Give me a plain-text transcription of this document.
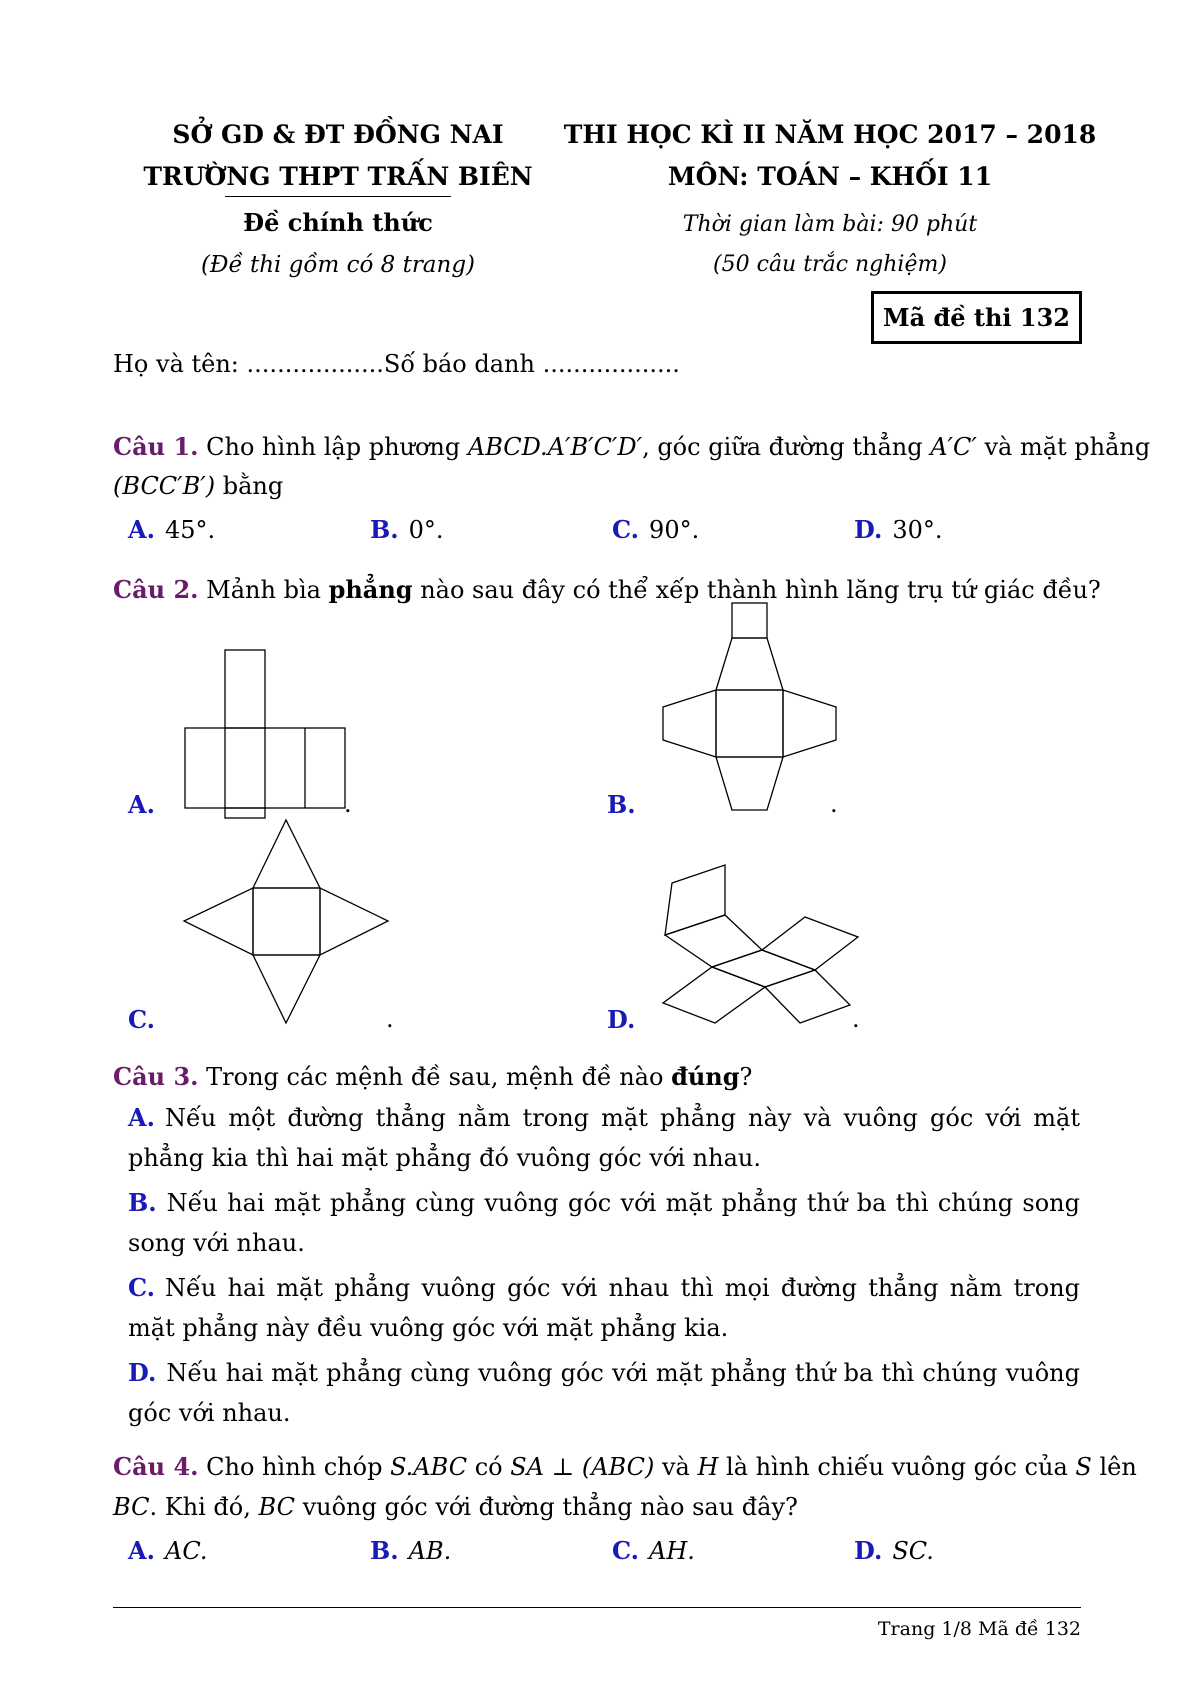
SỞ GD & ĐT ĐỒNG NAI
TRƯỜNG THPT TRẤN BIÊN
Đề chính thức
(Đề thi gồm có 8 trang)
THI HỌC KÌ II NĂM HỌC 2017 – 2018
MÔN: TOÁN – KHỐI 11
Thời gian làm bài: 90 phút
(50 câu trắc nghiệm)
Mã đề thi 132
Họ và tên: ..................Số báo danh ..................
Câu 1. Cho hình lập phương ABCD.A′B′C′D′, góc giữa đường thẳng A′C′ và mặt phẳng
(BCC′B′) bằng
A. 45°.	B. 0°.	C. 90°.	D. 30°.
Câu 2. Mảnh bìa phẳng nào sau đây có thể xếp thành hình lăng trụ tứ giác đều?
A.	.	B.	.
C.	.	D.	.
Câu 3. Trong các mệnh đề sau, mệnh đề nào đúng?
A. Nếu một đường thẳng nằm trong mặt phẳng này và vuông góc với mặt phẳng kia thì hai mặt phẳng đó vuông góc với nhau.
B. Nếu hai mặt phẳng cùng vuông góc với mặt phẳng thứ ba thì chúng song song với nhau.
C. Nếu hai mặt phẳng vuông góc với nhau thì mọi đường thẳng nằm trong mặt phẳng này đều vuông góc với mặt phẳng kia.
D. Nếu hai mặt phẳng cùng vuông góc với mặt phẳng thứ ba thì chúng vuông góc với nhau.
Câu 4. Cho hình chóp S.ABC có SA ⊥ (ABC) và H là hình chiếu vuông góc của S lên
BC. Khi đó, BC vuông góc với đường thẳng nào sau đây?
A. AC.	B. AB.	C. AH.	D. SC.
Trang 1/8 Mã đề 132
